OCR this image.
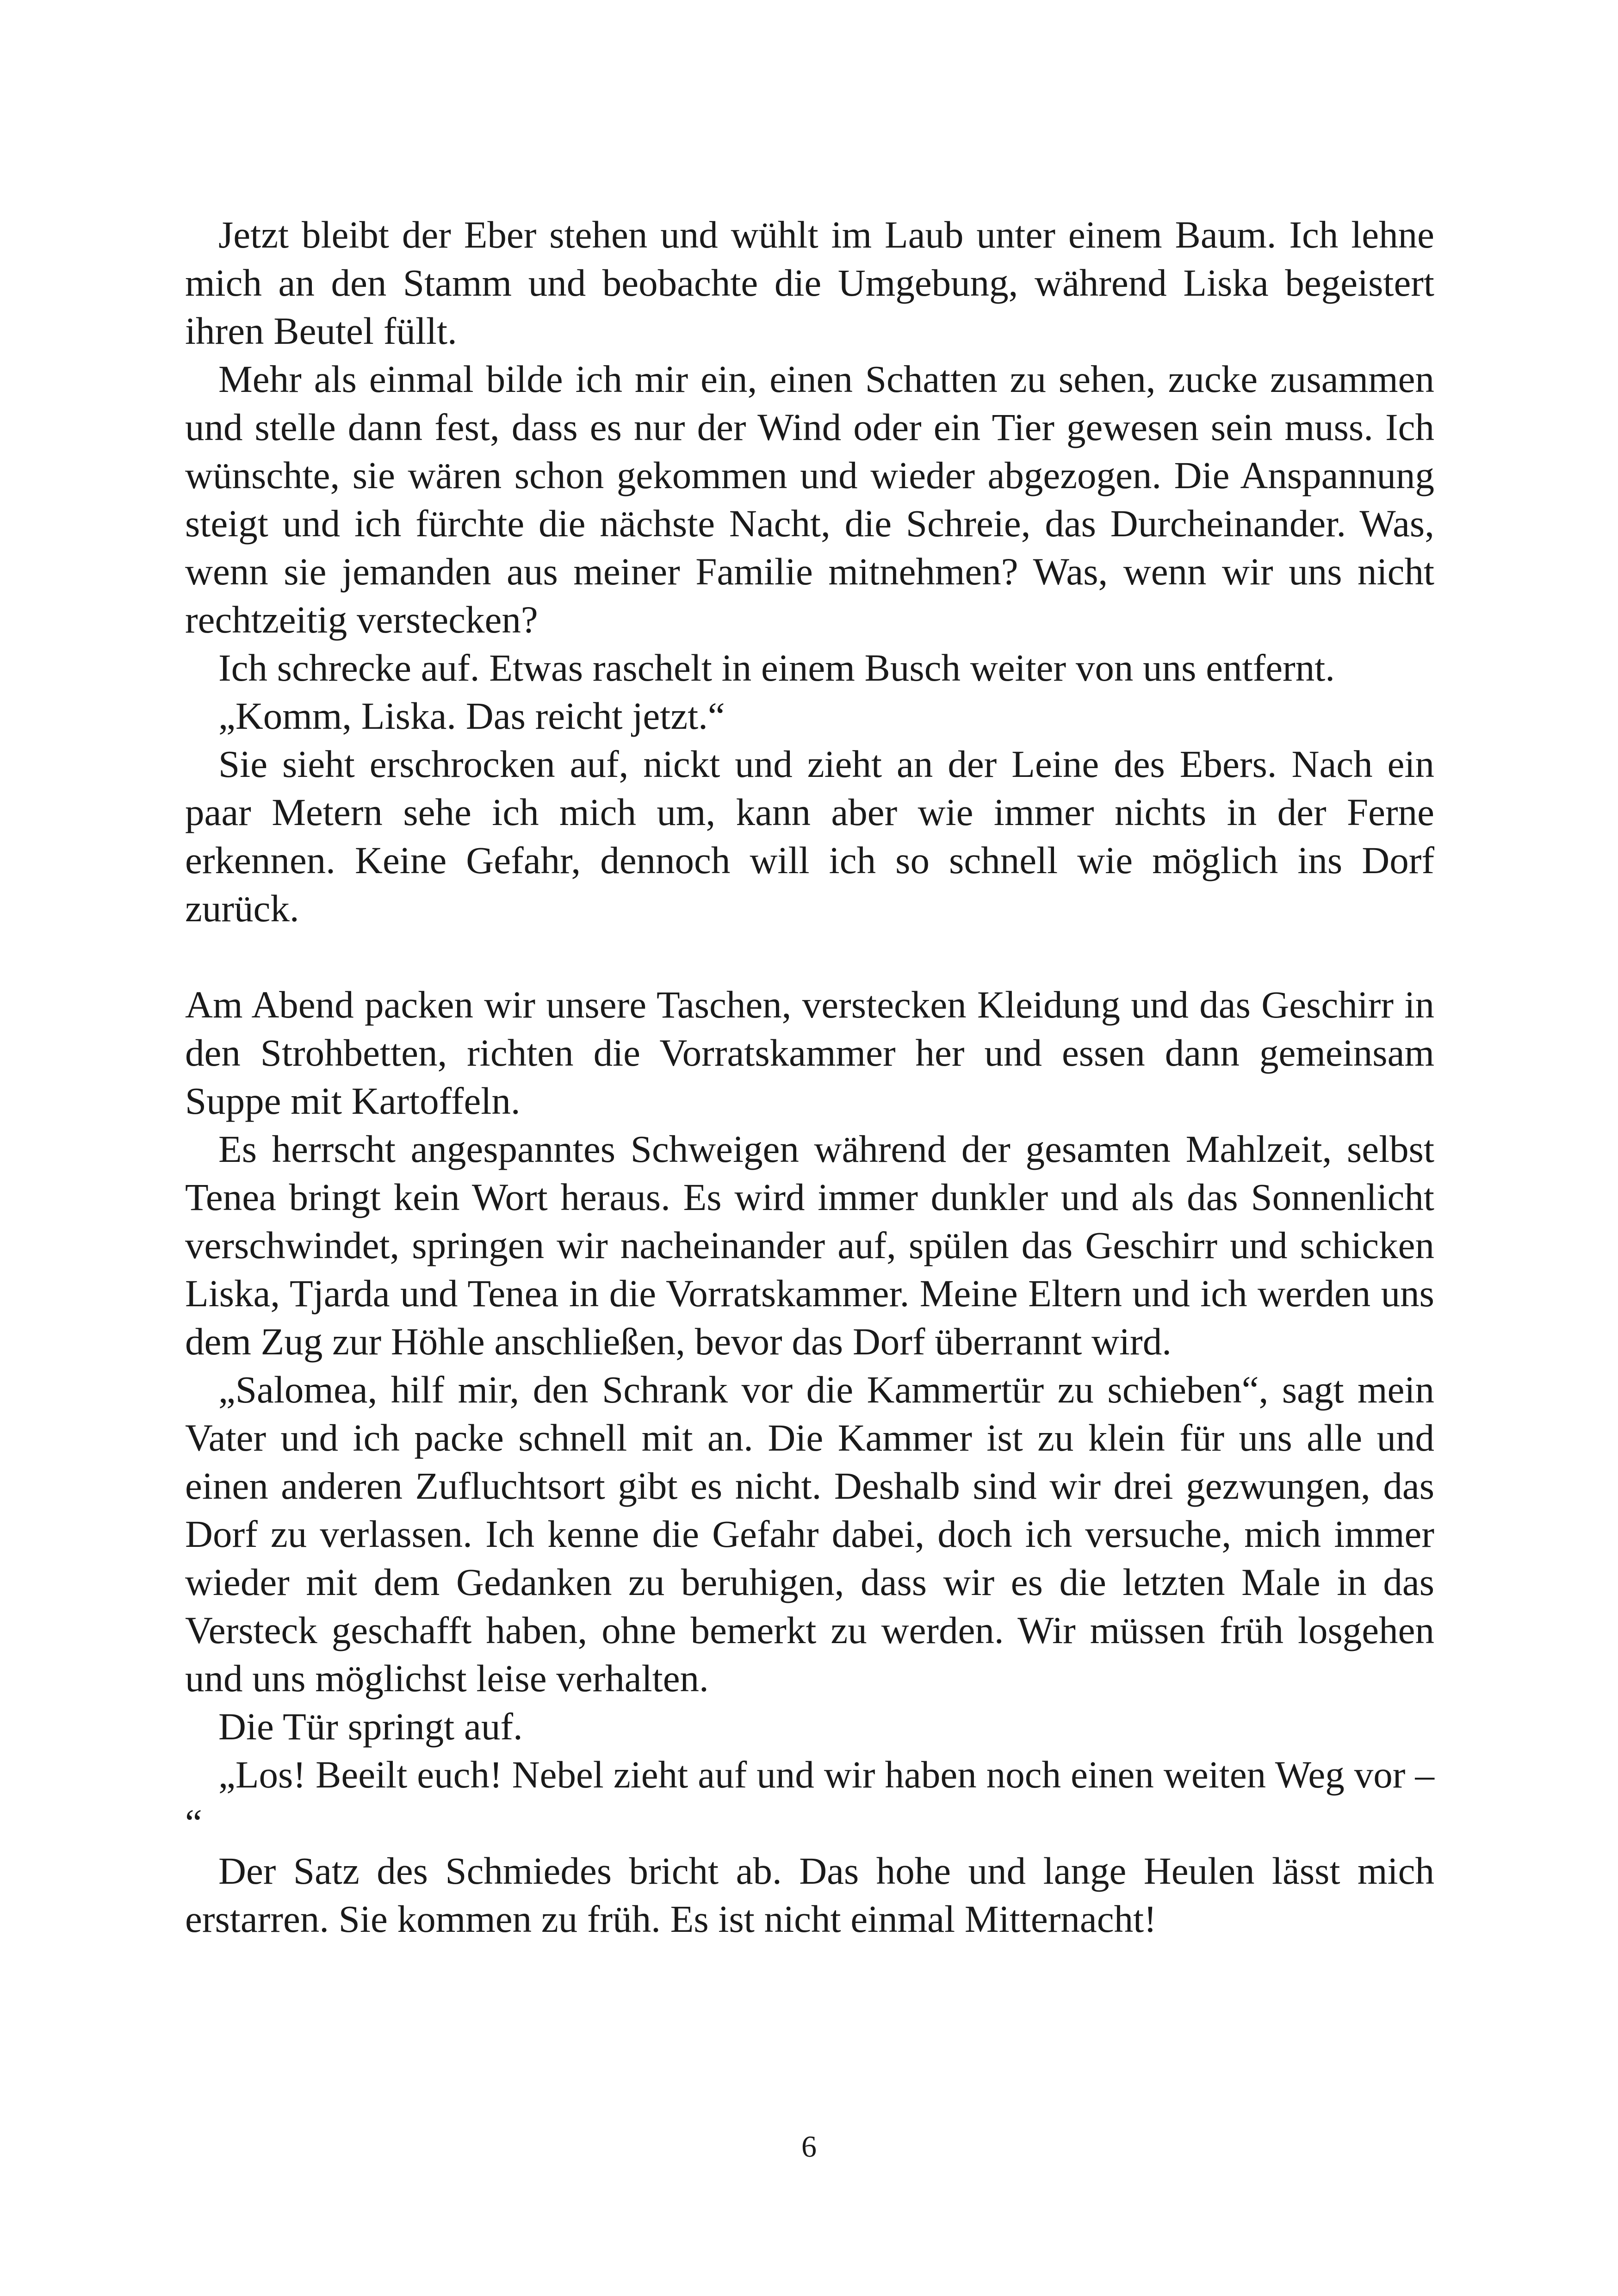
Jetzt bleibt der Eber stehen und wühlt im Laub unter einem Baum. Ich lehne mich an den Stamm und beobachte die Umgebung, während Liska begeistert ihren Beutel füllt.

Mehr als einmal bilde ich mir ein, einen Schatten zu sehen, zucke zusammen und stelle dann fest, dass es nur der Wind oder ein Tier gewesen sein muss. Ich wünschte, sie wären schon gekommen und wieder abgezogen. Die Anspannung steigt und ich fürchte die nächste Nacht, die Schreie, das Durcheinander. Was, wenn sie jemanden aus meiner Familie mitnehmen? Was, wenn wir uns nicht rechtzeitig verstecken?

Ich schrecke auf. Etwas raschelt in einem Busch weiter von uns entfernt.

„Komm, Liska. Das reicht jetzt.“

Sie sieht erschrocken auf, nickt und zieht an der Leine des Ebers. Nach ein paar Metern sehe ich mich um, kann aber wie immer nichts in der Ferne erkennen. Keine Gefahr, dennoch will ich so schnell wie möglich ins Dorf zurück.

Am Abend packen wir unsere Taschen, verstecken Kleidung und das Geschirr in den Strohbetten, richten die Vorratskammer her und essen dann gemeinsam Suppe mit Kartoffeln.

Es herrscht angespanntes Schweigen während der gesamten Mahlzeit, selbst Tenea bringt kein Wort heraus. Es wird immer dunkler und als das Sonnenlicht verschwindet, springen wir nacheinander auf, spülen das Geschirr und schicken Liska, Tjarda und Tenea in die Vorratskammer. Meine Eltern und ich werden uns dem Zug zur Höhle anschließen, bevor das Dorf überrannt wird.

„Salomea, hilf mir, den Schrank vor die Kammertür zu schieben“, sagt mein Vater und ich packe schnell mit an. Die Kammer ist zu klein für uns alle und einen anderen Zufluchtsort gibt es nicht. Deshalb sind wir drei gezwungen, das Dorf zu verlassen. Ich kenne die Gefahr dabei, doch ich versuche, mich immer wieder mit dem Gedanken zu beruhigen, dass wir es die letzten Male in das Versteck geschafft haben, ohne bemerkt zu werden. Wir müssen früh losgehen und uns möglichst leise verhalten.

Die Tür springt auf.

„Los! Beeilt euch! Nebel zieht auf und wir haben noch einen weiten Weg vor – “

Der Satz des Schmiedes bricht ab. Das hohe und lange Heulen lässt mich erstarren. Sie kommen zu früh. Es ist nicht einmal Mitternacht!

6
